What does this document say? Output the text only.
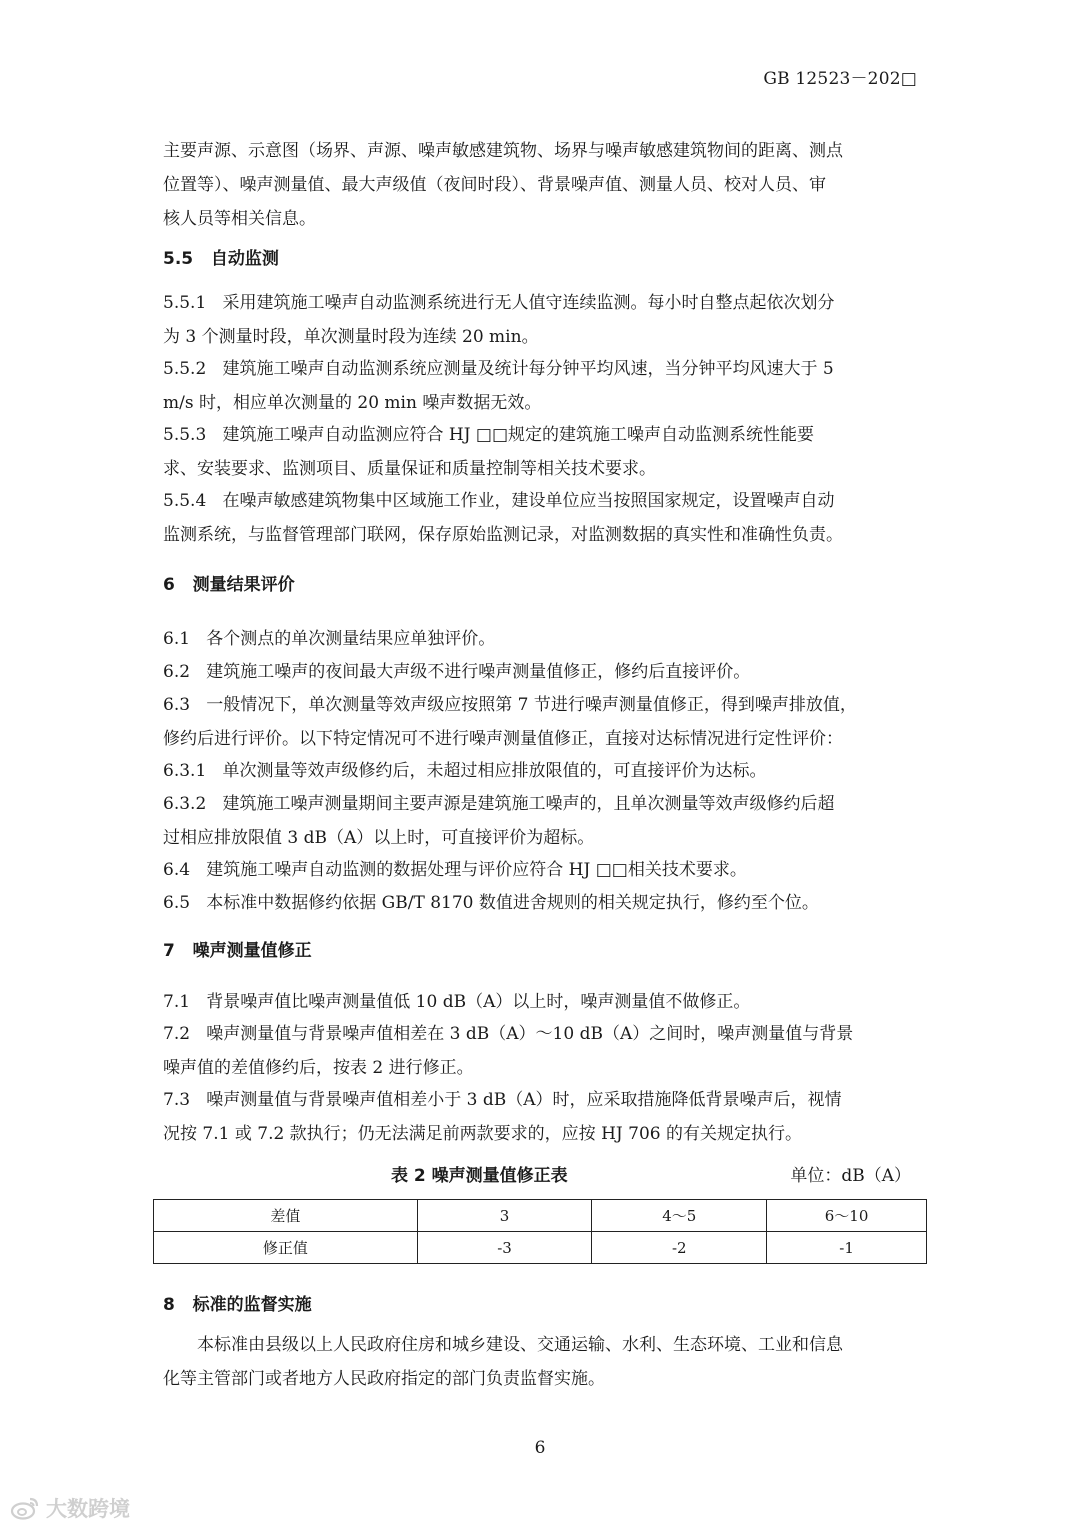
GB 12523－202□
主要声源、示意图（场界、声源、噪声敏感建筑物、场界与噪声敏感建筑物间的距离、测点
位置等）、噪声测量值、最大声级值（夜间时段）、背景噪声值、测量人员、校对人员、审
核人员等相关信息。
5.5 自动监测
5.5.1 采用建筑施工噪声自动监测系统进行无人值守连续监测。每小时自整点起依次划分
为 3 个测量时段，单次测量时段为连续 20 min。
5.5.2 建筑施工噪声自动监测系统应测量及统计每分钟平均风速，当分钟平均风速大于 5
m/s 时，相应单次测量的 20 min 噪声数据无效。
5.5.3 建筑施工噪声自动监测应符合 HJ □□规定的建筑施工噪声自动监测系统性能要
求、安装要求、监测项目、质量保证和质量控制等相关技术要求。
5.5.4 在噪声敏感建筑物集中区域施工作业，建设单位应当按照国家规定，设置噪声自动
监测系统，与监督管理部门联网，保存原始监测记录，对监测数据的真实性和准确性负责。
6 测量结果评价
6.1 各个测点的单次测量结果应单独评价。
6.2 建筑施工噪声的夜间最大声级不进行噪声测量值修正，修约后直接评价。
6.3 一般情况下，单次测量等效声级应按照第 7 节进行噪声测量值修正，得到噪声排放值，
修约后进行评价。以下特定情况可不进行噪声测量值修正，直接对达标情况进行定性评价：
6.3.1 单次测量等效声级修约后，未超过相应排放限值的，可直接评价为达标。
6.3.2 建筑施工噪声测量期间主要声源是建筑施工噪声的，且单次测量等效声级修约后超
过相应排放限值 3 dB（A）以上时，可直接评价为超标。
6.4 建筑施工噪声自动监测的数据处理与评价应符合 HJ □□相关技术要求。
6.5 本标准中数据修约依据 GB/T 8170 数值进舍规则的相关规定执行，修约至个位。
7 噪声测量值修正
7.1 背景噪声值比噪声测量值低 10 dB（A）以上时，噪声测量值不做修正。
7.2 噪声测量值与背景噪声值相差在 3 dB（A）～10 dB（A）之间时，噪声测量值与背景
噪声值的差值修约后，按表 2 进行修正。
7.3 噪声测量值与背景噪声值相差小于 3 dB（A）时，应采取措施降低背景噪声后，视情
况按 7.1 或 7.2 款执行；仍无法满足前两款要求的，应按 HJ 706 的有关规定执行。
表 2 噪声测量值修正表	单位：dB（A）
差值	3	4～5	6～10
修正值	-3	-2	-1
8 标准的监督实施
本标准由县级以上人民政府住房和城乡建设、交通运输、水利、生态环境、工业和信息
化等主管部门或者地方人民政府指定的部门负责监督实施。
6
大数跨境
